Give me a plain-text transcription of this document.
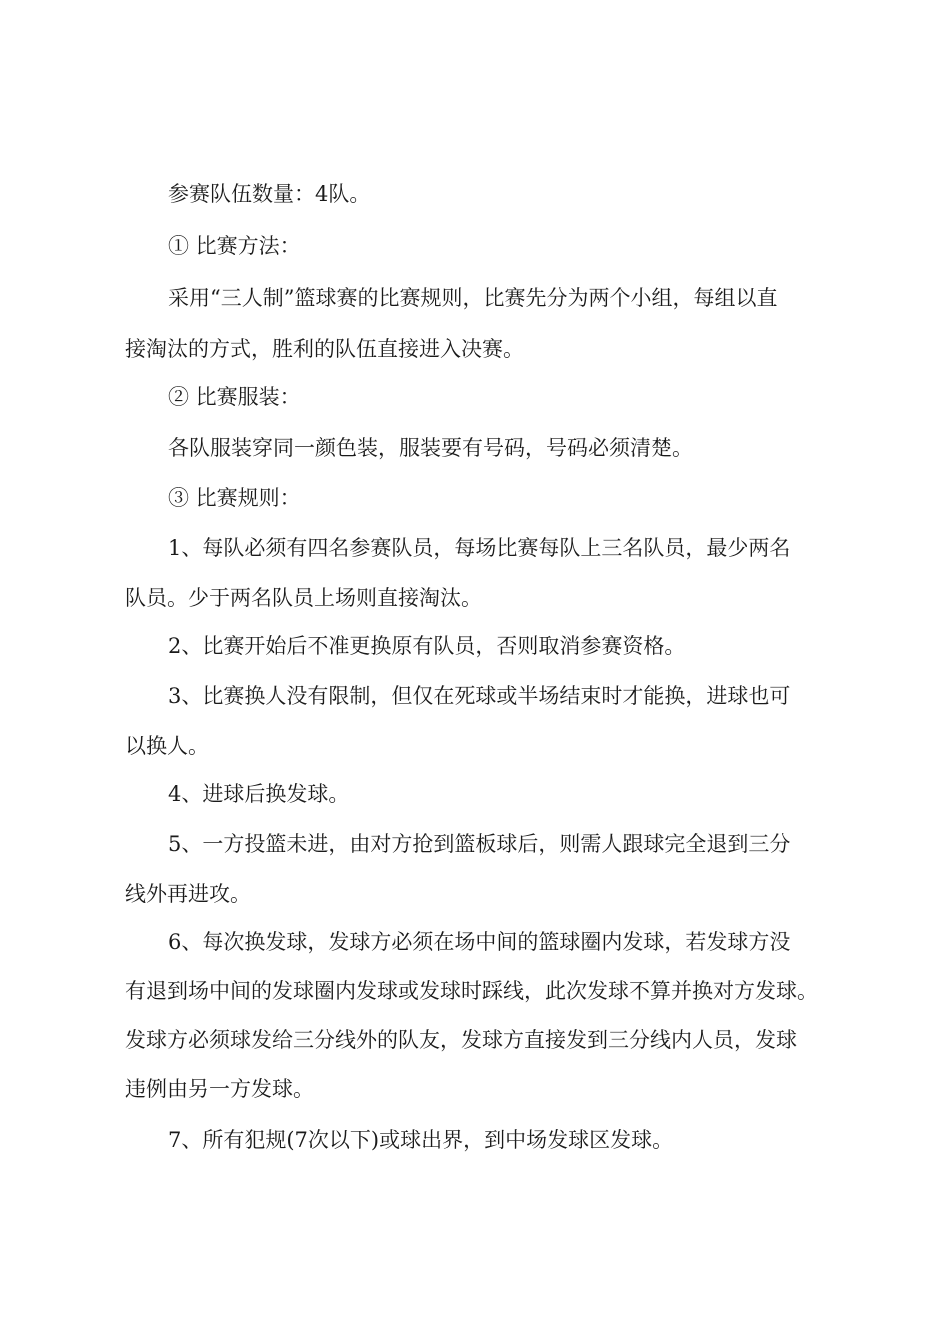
参赛队伍数量：4队。

① 比赛方法：

采用“三人制”篮球赛的比赛规则，比赛先分为两个小组，每组以直
接淘汰的方式，胜利的队伍直接进入决赛。

② 比赛服装：

各队服装穿同一颜色装，服装要有号码，号码必须清楚。

③ 比赛规则：

1、每队必须有四名参赛队员，每场比赛每队上三名队员，最少两名
队员。少于两名队员上场则直接淘汰。

2、比赛开始后不准更换原有队员，否则取消参赛资格。

3、比赛换人没有限制，但仅在死球或半场结束时才能换，进球也可
以换人。

4、进球后换发球。

5、一方投篮未进，由对方抢到篮板球后，则需人跟球完全退到三分
线外再进攻。

6、每次换发球，发球方必须在场中间的篮球圈内发球，若发球方没
有退到场中间的发球圈内发球或发球时踩线，此次发球不算并换对方发球。
发球方必须球发给三分线外的队友，发球方直接发到三分线内人员，发球
违例由另一方发球。

7、所有犯规(7次以下)或球出界，到中场发球区发球。
